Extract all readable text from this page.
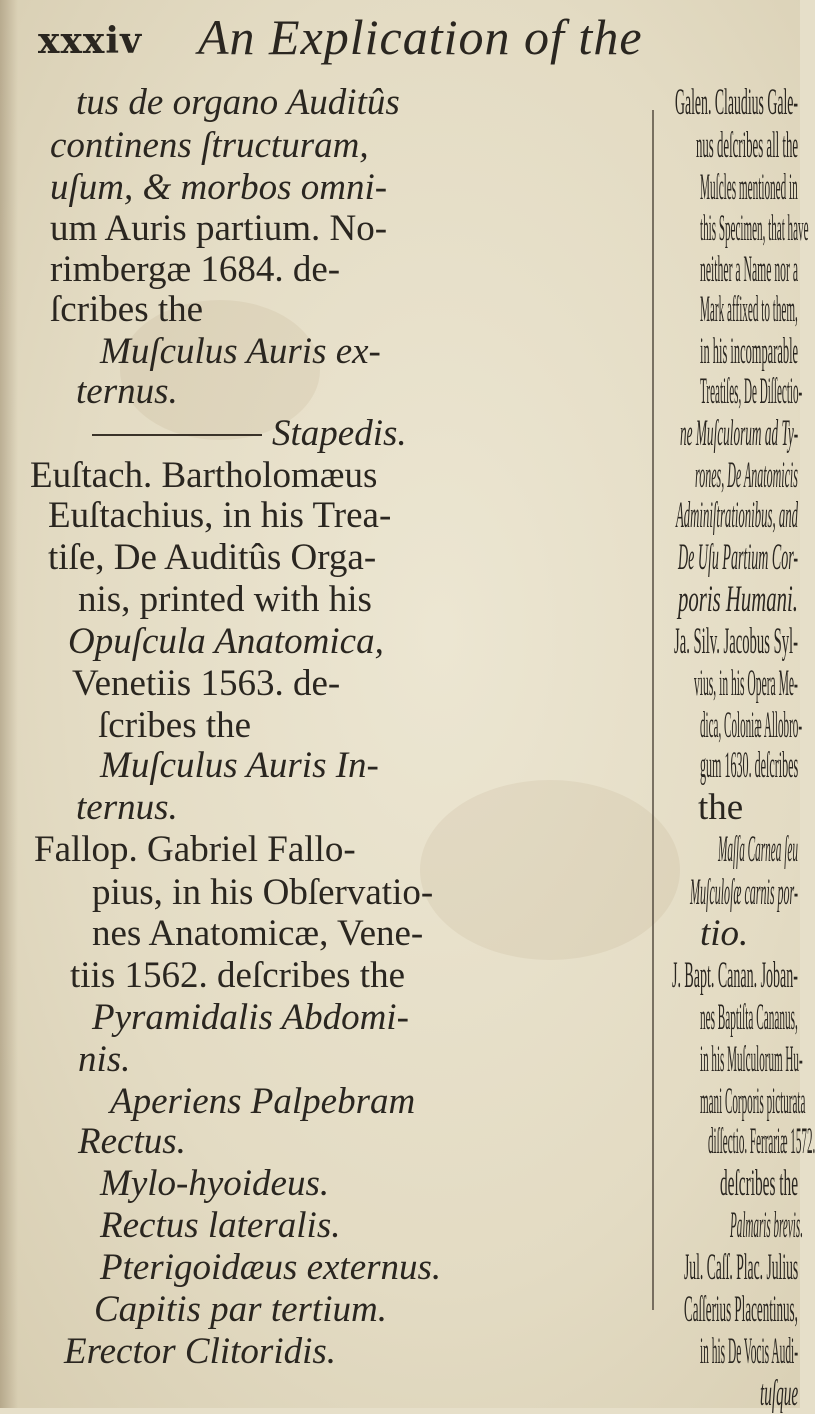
xxxiv An Explication of the
tus de organo Auditûs
continens ſtructuram,
uſum, & morbos omni-
um Auris partium. No-
rimbergæ 1684. de-
ſcribes the
Muſculus Auris ex-
ternus.
Stapedis.
Euſtach. Bartholomæus
Euſtachius, in his Trea-
tiſe, De Auditûs Orga-
nis, printed with his
Opuſcula Anatomica,
Venetiis 1563. de-
ſcribes the
Muſculus Auris In-
ternus.
Fallop. Gabriel Fallo-
pius, in his Obſervatio-
nes Anatomicæ, Vene-
tiis 1562. deſcribes the
Pyramidalis Abdomi-
nis.
Aperiens Palpebram
Rectus.
Mylo-hyoideus.
Rectus lateralis.
Pterigoidæus externus.
Capitis par tertium.
Erector Clitoridis.
Galen. Claudius Gale-
nus deſcribes all the
Muſcles mentioned in
this Specimen, that have
neither a Name nor a
Mark affixed to them,
in his incomparable
Treatiſes, De Diſſectio-
ne Muſculorum ad Ty-
rones, De Anatomicis
Adminiſtrationibus, and
De Uſu Partium Cor-
poris Humani.
Ja. Silv. Jacobus Syl-
vius, in his Opera Me-
dica, Coloniæ Allobro-
gum 1630. deſcribes
the
Maſſa Carnea ſeu
Muſculoſæ carnis por-
tio.
J. Bapt. Canan. Joban-
nes Baptiſta Cananus,
in his Muſculorum Hu-
mani Corporis picturata
diſſectio. Ferrariæ 1572.
deſcribes the
Palmaris brevis.
Jul. Caſſ. Plac. Julius
Caſſerius Placentinus,
in his De Vocis Audi-
tuſque
